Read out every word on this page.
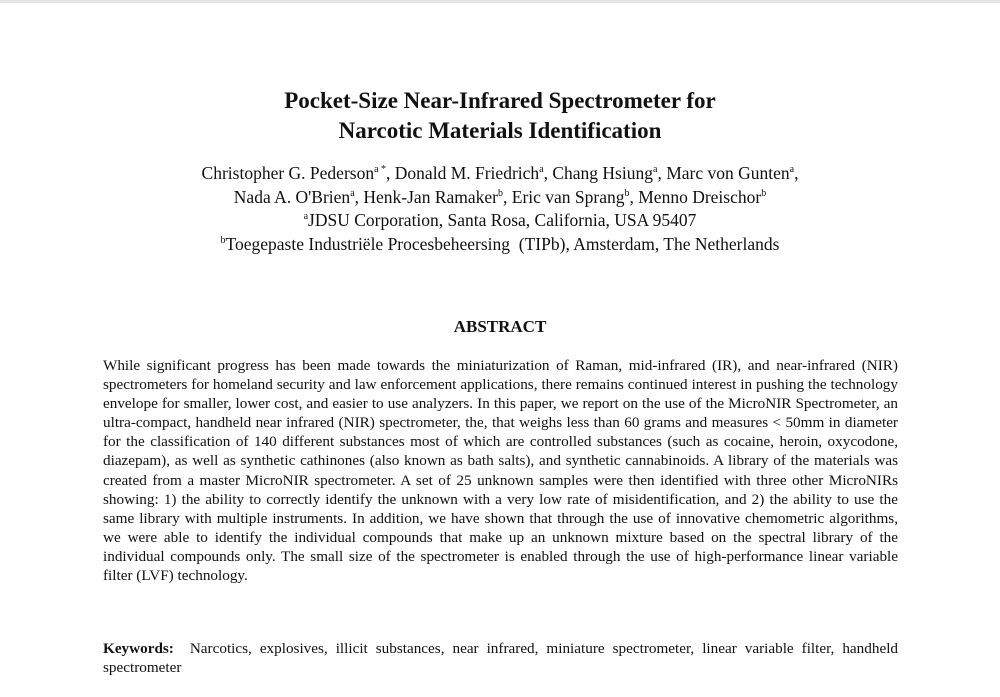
Pocket-Size Near-Infrared Spectrometer for
Narcotic Materials Identification
Christopher G. Pederson$^{a *}$, Donald M. Friedrich$^a$, Chang Hsiung$^a$, Marc von Gunten$^a$,
Nada A. O'Brien$^a$, Henk-Jan Ramaker$^b$, Eric van Sprang$^b$, Menno Dreischor$^b$
$^a$JDSU Corporation, Santa Rosa, California, USA 95407
$^b$Toegepaste Industriële Procesbeheersing  (TIPb), Amsterdam, The Netherlands
ABSTRACT
While significant progress has been made towards the miniaturization of Raman, mid-infrared (IR), and near-infrared (NIR) spectrometers for homeland security and law enforcement applications, there remains continued interest in pushing the technology envelope for smaller, lower cost, and easier to use analyzers. In this paper, we report on the use of the MicroNIR Spectrometer, an ultra-compact, handheld near infrared (NIR) spectrometer, the, that weighs less than 60 grams and measures < 50mm in diameter for the classification of 140 different substances most of which are controlled substances (such as cocaine, heroin, oxycodone, diazepam), as well as synthetic cathinones (also known as bath salts), and synthetic cannabinoids. A library of the materials was created from a master MicroNIR spectrometer. A set of 25 unknown samples were then identified with three other MicroNIRs showing: 1) the ability to correctly identify the unknown with a very low rate of misidentification, and 2) the ability to use the same library with multiple instruments. In addition, we have shown that through the use of innovative chemometric algorithms, we were able to identify the individual compounds that make up an unknown mixture based on the spectral library of the individual compounds only. The small size of the spectrometer is enabled through the use of high-performance linear variable filter (LVF) technology.
Keywords: Narcotics, explosives, illicit substances, near infrared, miniature spectrometer, linear variable filter, handheld spectrometer
